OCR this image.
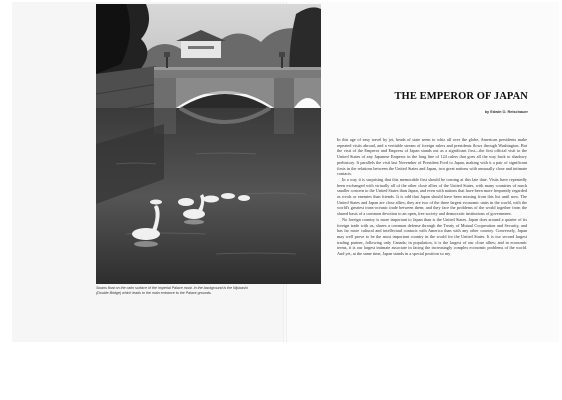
Swans float on the calm surface of the Imperial Palace moat. In the background is the Nijubashi (Double Bridge) which leads to the main entrance to the Palace grounds.
THE EMPEROR OF JAPAN
by Edwin O. Reischauer

In this age of easy travel by jet, heads of state seem to whiz all over the globe, American presidents make repeated visits abroad, and a veritable stream of foreign rulers and presidents flows through Washington. But the visit of the Emperor and Empress of Japan stands out as a significant first—the first official visit to the United States of any Japanese Emperor in the long line of 124 rulers that goes all the way back to shadowy prehistory. It parallels the visit last November of President Ford to Japan, making with it a pair of significant firsts in the relations between the United States and Japan, two great nations with unusually close and intimate contacts.

In a way it is surprising that this memorable first should be coming at this late date. Visits have repeatedly been exchanged with virtually all of the other close allies of the United States, with many countries of much smaller concern to the United States than Japan, and even with nations that have been more frequently regarded as rivals or enemies than friends. It is odd that Japan should have been missing from this list until now. The United States and Japan are close allies; they are two of the three largest economic units in the world, with the world's greatest trans-oceanic trade between them; and they face the problems of the world together from the shared basis of a common devotion to an open, free society and democratic institutions of government.

No foreign country is more important to Japan than is the United States. Japan does around a quarter of its foreign trade with us, shares a common defense through the Treaty of Mutual Cooperation and Security, and has far more cultural and intellectual contacts with America than with any other country. Conversely, Japan may well prove to be the most important country in the world for the United States. It is our second largest trading partner, following only Canada; in population, it is the largest of our close allies; and in economic terms, it is our largest intimate associate in facing the increasingly complex economic problems of the world. And yet, at the same time, Japan stands in a special position so my
